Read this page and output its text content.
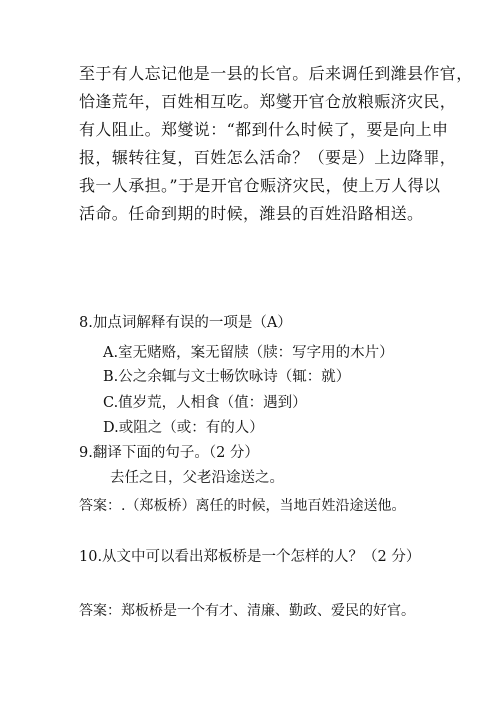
至于有人忘记他是一县的长官。后来调任到潍县作官，
恰逢荒年，百姓相互吃。郑燮开官仓放粮赈济灾民，
有人阻止。郑燮说：“都到什么时候了，要是向上申
报，辗转往复，百姓怎么活命？（要是）上边降罪，
我一人承担。”于是开官仓赈济灾民，使上万人得以
活命。任命到期的时候，潍县的百姓沿路相送。
8.加点词解释有误的一项是（A）
A.室无赌赂，案无留牍（牍：写字用的木片）
B.公之余辄与文士畅饮咏诗（辄：就）
C.值岁荒，人相食（值：遇到）
D.或阻之（或：有的人）
9.翻译下面的句子。（2 分）
去任之日，父老沿途送之。
答案：.（郑板桥）离任的时候，当地百姓沿途送他。
10.从文中可以看出郑板桥是一个怎样的人？（2 分）
答案：郑板桥是一个有才、清廉、勤政、爱民的好官。
